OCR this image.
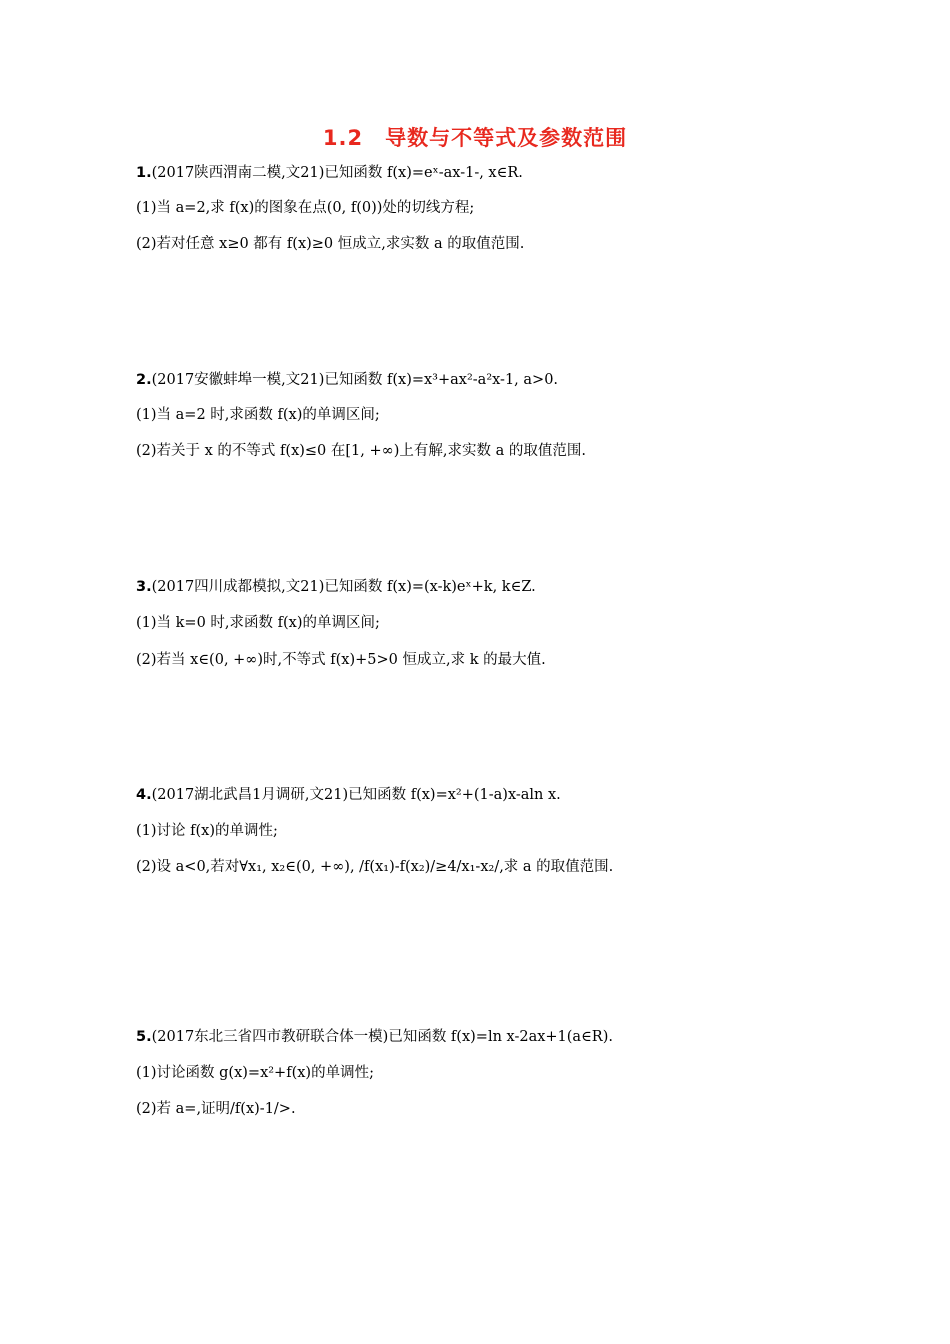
1.2　导数与不等式及参数范围
1.(2017陕西渭南二模,文21)已知函数 f(x)=eˣ-ax-1-, x∈R.
(1)当 a=2,求 f(x)的图象在点(0, f(0))处的切线方程;
(2)若对任意 x≥0 都有 f(x)≥0 恒成立,求实数 a 的取值范围.
2.(2017安徽蚌埠一模,文21)已知函数 f(x)=x³+ax²-a²x-1, a>0.
(1)当 a=2 时,求函数 f(x)的单调区间;
(2)若关于 x 的不等式 f(x)≤0 在[1, +∞)上有解,求实数 a 的取值范围.
3.(2017四川成都模拟,文21)已知函数 f(x)=(x-k)eˣ+k, k∈Z.
(1)当 k=0 时,求函数 f(x)的单调区间;
(2)若当 x∈(0, +∞)时,不等式 f(x)+5>0 恒成立,求 k 的最大值.
4.(2017湖北武昌1月调研,文21)已知函数 f(x)=x²+(1-a)x-aln x.
(1)讨论 f(x)的单调性;
(2)设 a<0,若对∀x₁, x₂∈(0, +∞), /f(x₁)-f(x₂)/≥4/x₁-x₂/,求 a 的取值范围.
5.(2017东北三省四市教研联合体一模)已知函数 f(x)=ln x-2ax+1(a∈R).
(1)讨论函数 g(x)=x²+f(x)的单调性;
(2)若 a=,证明/f(x)-1/>.
